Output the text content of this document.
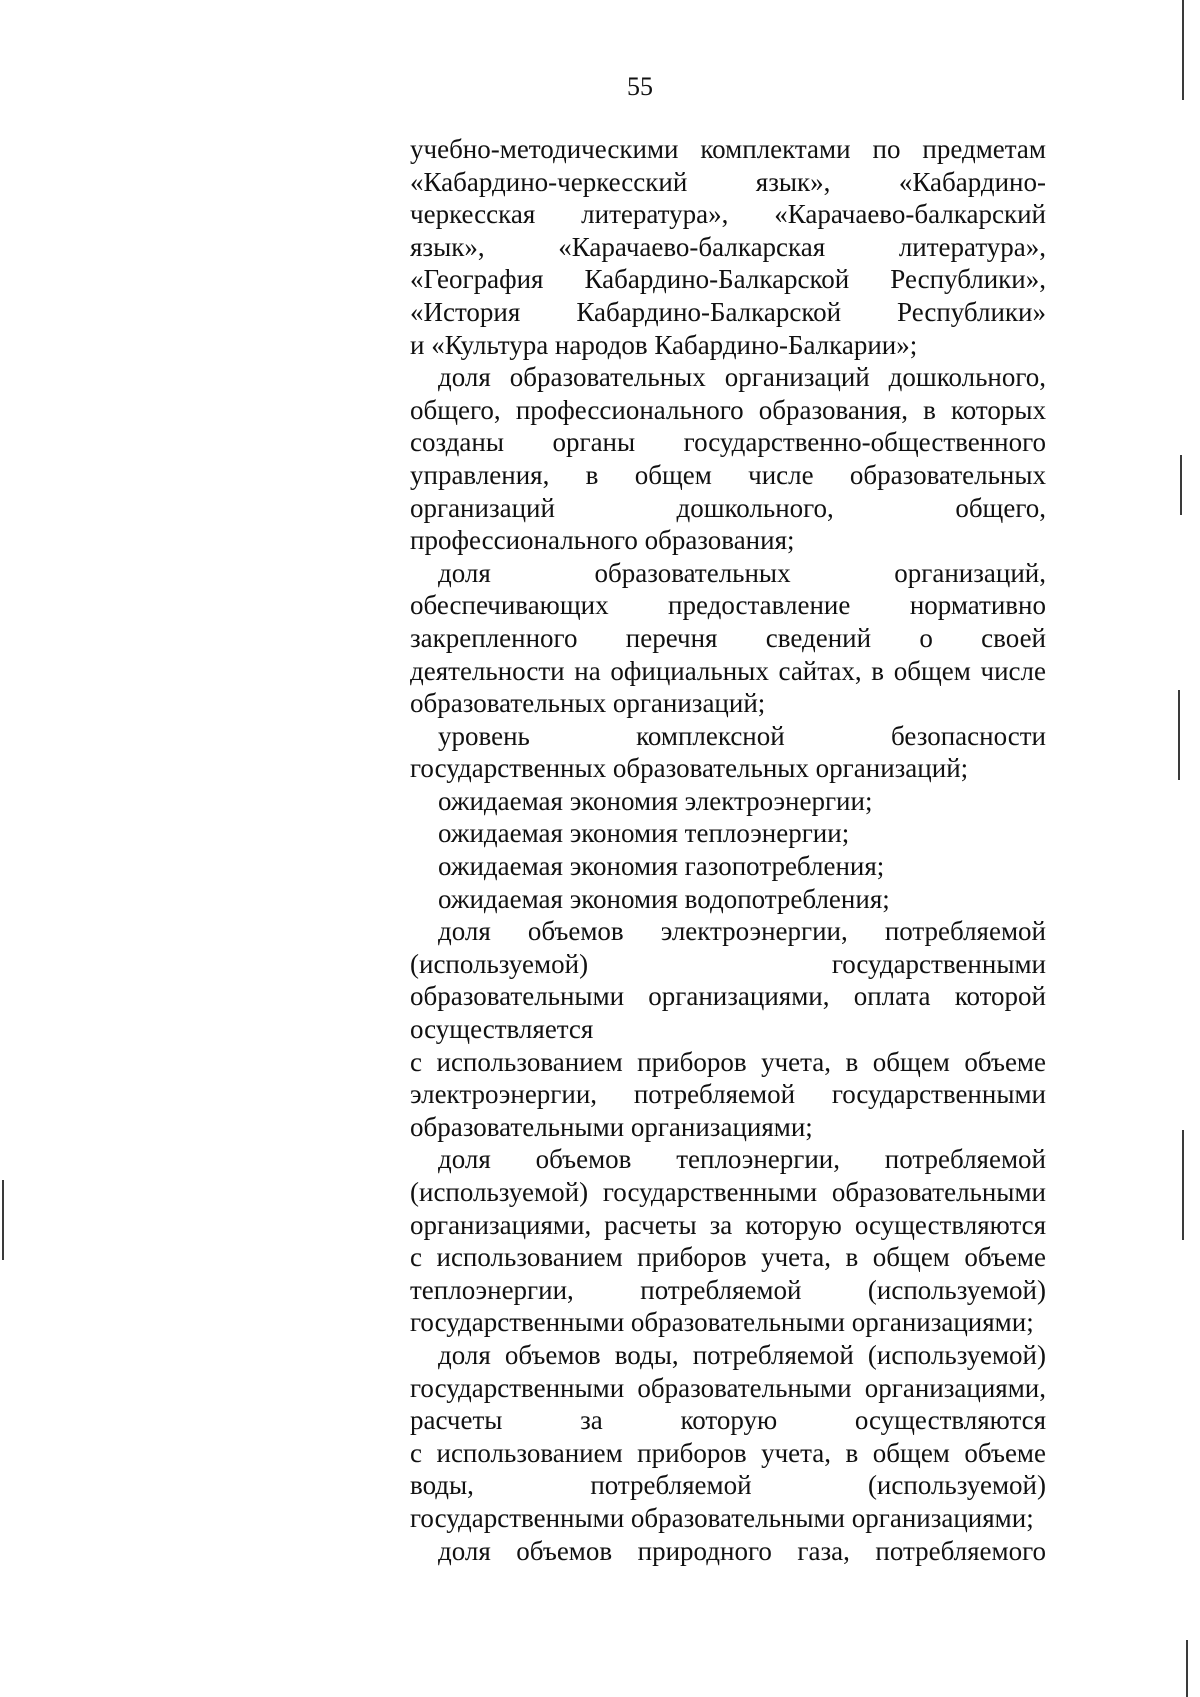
55
учебно-методическими комплектами по предметам
«Кабардино-черкесский язык», «Кабардино-
черкесская литература», «Карачаево-балкарский
язык», «Карачаево-балкарская литература»,
«География Кабардино-Балкарской Республики»,
«История Кабардино-Балкарской Республики»
и «Культура народов Кабардино-Балкарии»;
доля образовательных организаций дошкольного,
общего, профессионального образования, в которых
созданы органы государственно-общественного
управления, в общем числе образовательных
организаций дошкольного, общего,
профессионального образования;
доля образовательных организаций,
обеспечивающих предоставление нормативно
закрепленного перечня сведений о своей
деятельности на официальных сайтах, в общем числе
образовательных организаций;
уровень комплексной безопасности
государственных образовательных организаций;
ожидаемая экономия электроэнергии;
ожидаемая экономия теплоэнергии;
ожидаемая экономия газопотребления;
ожидаемая экономия водопотребления;
доля объемов электроэнергии, потребляемой
(используемой) государственными
образовательными организациями, оплата которой
осуществляется
с использованием приборов учета, в общем объеме
электроэнергии, потребляемой государственными
образовательными организациями;
доля объемов теплоэнергии, потребляемой
(используемой) государственными образовательными
организациями, расчеты за которую осуществляются
с использованием приборов учета, в общем объеме
теплоэнергии, потребляемой (используемой)
государственными образовательными организациями;
доля объемов воды, потребляемой (используемой)
государственными образовательными организациями,
расчеты за которую осуществляются
с использованием приборов учета, в общем объеме
воды, потребляемой (используемой)
государственными образовательными организациями;
доля объемов природного газа, потребляемого
